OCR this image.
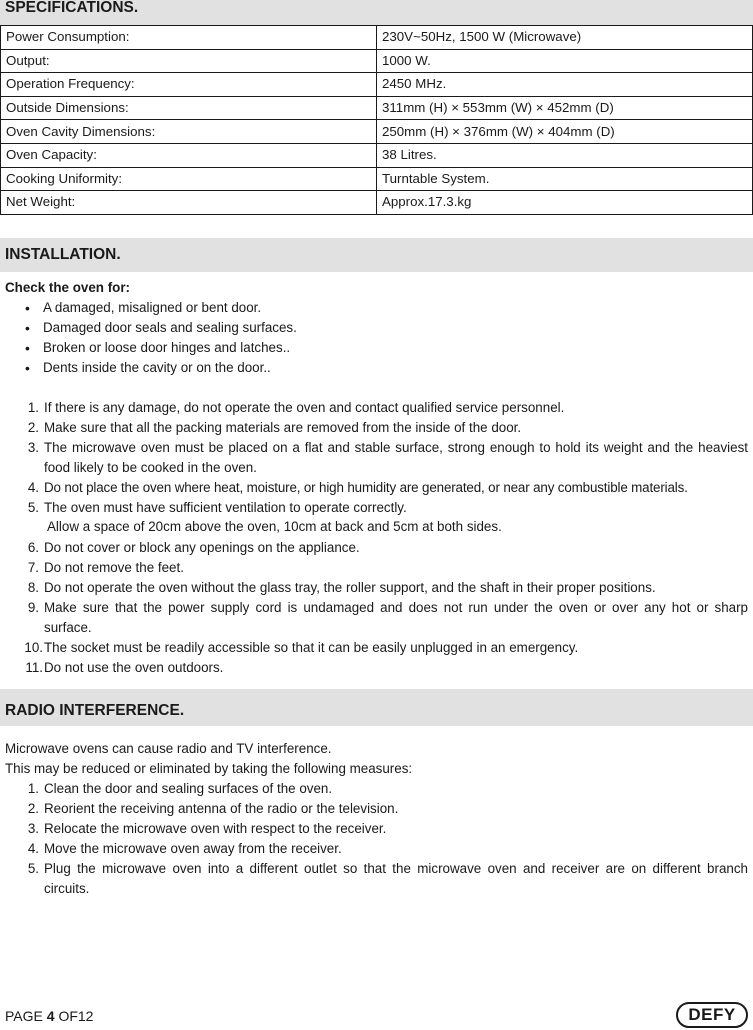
SPECIFICATIONS.
Power Consumption:	230V~50Hz, 1500 W (Microwave)
Output:	1000 W.
Operation Frequency:	2450 MHz.
Outside Dimensions:	311mm (H) × 553mm (W) × 452mm (D)
Oven Cavity Dimensions:	250mm (H) × 376mm (W) × 404mm (D)
Oven Capacity:	38 Litres.
Cooking Uniformity:	Turntable System.
Net Weight:	Approx.17.3.kg
INSTALLATION.
Check the oven for:
• A damaged, misaligned or bent door.
• Damaged door seals and sealing surfaces.
• Broken or loose door hinges and latches..
• Dents inside the cavity or on the door..
1. If there is any damage, do not operate the oven and contact qualified service personnel.
2. Make sure that all the packing materials are removed from the inside of the door.
3. The microwave oven must be placed on a flat and stable surface, strong enough to hold its weight and the heaviest food likely to be cooked in the oven.
4. Do not place the oven where heat, moisture, or high humidity are generated, or near any combustible materials.
5. The oven must have sufficient ventilation to operate correctly.
6. Do not cover or block any openings on the appliance.
7. Do not remove the feet.
8. Do not operate the oven without the glass tray, the roller support, and the shaft in their proper positions.
9. Make sure that the power supply cord is undamaged and does not run under the oven or over any hot or sharp surface.
10. The socket must be readily accessible so that it can be easily unplugged in an emergency.
11. Do not use the oven outdoors.
Allow a space of 20cm above the oven, 10cm at back and 5cm at both sides.
RADIO INTERFERENCE.
Microwave ovens can cause radio and TV interference.
This may be reduced or eliminated by taking the following measures:
1. Clean the door and sealing surfaces of the oven.
2. Reorient the receiving antenna of the radio or the television.
3. Relocate the microwave oven with respect to the receiver.
4. Move the microwave oven away from the receiver.
5. Plug the microwave oven into a different outlet so that the microwave oven and receiver are on different branch circuits.
PAGE 4 OF12	DEFY
